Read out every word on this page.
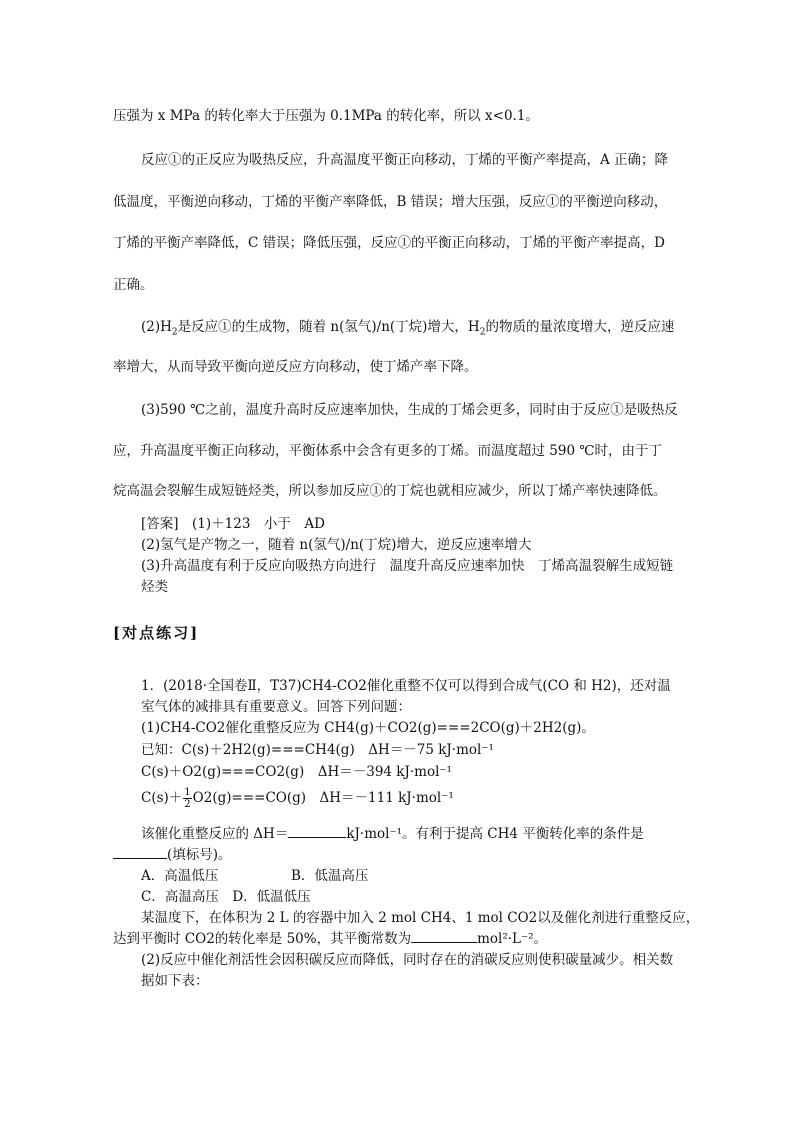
压强为 x MPa 的转化率大于压强为 0.1MPa 的转化率，所以 x<0.1。
反应①的正反应为吸热反应，升高温度平衡正向移动，丁烯的平衡产率提高，A 正确；降
低温度，平衡逆向移动，丁烯的平衡产率降低，B 错误；增大压强，反应①的平衡逆向移动，
丁烯的平衡产率降低，C 错误；降低压强，反应①的平衡正向移动，丁烯的平衡产率提高，D
正确。
$(2)H_2$是反应①的生成物，随着 n(氢气)/n(丁烷)增大，$H_2$的物质的量浓度增大，逆反应速
率增大，从而导致平衡向逆反应方向移动，使丁烯产率下降。
(3)590 ℃之前，温度升高时反应速率加快，生成的丁烯会更多，同时由于反应①是吸热反
应，升高温度平衡正向移动，平衡体系中会含有更多的丁烯。而温度超过 590 ℃时，由于丁
烷高温会裂解生成短链烃类，所以参加反应①的丁烷也就相应减少，所以丁烯产率快速降低。
[答案]　(1)＋123　小于　AD
(2)氢气是产物之一，随着 n(氢气)/n(丁烷)增大，逆反应速率增大
(3)升高温度有利于反应向吸热方向进行　温度升高反应速率加快　丁烯高温裂解生成短链烃类
[对点练习]
1．(2018·全国卷Ⅱ，T37)CH4-CO2催化重整不仅可以得到合成气(CO 和 H2)，还对温室气体的减排具有重要意义。回答下列问题：
(1)CH4-CO2催化重整反应为 CH4(g)＋CO2(g)===2CO(g)＋2H2(g)。
已知：C(s)＋2H2(g)===CH4(g)　ΔH＝－75 kJ·mol⁻¹
C(s)＋O2(g)===CO2(g)　ΔH＝－394 kJ·mol⁻¹
$C(s)+ \frac{1}{2} O2(g)===CO(g)$　ΔH＝－111 kJ·mol⁻¹
该催化重整反应的 ΔH＝	kJ·mol⁻¹。有利于提高 CH4 平衡转化率的条件是
(填标号)。
A．高温低压	B．低温高压
C．高温高压　D．低温低压
某温度下，在体积为 2 L 的容器中加入 2 mol CH4、1 mol CO2以及催化剂进行重整反应，
达到平衡时 CO2的转化率是 50%，其平衡常数为	mol²·L⁻²。
(2)反应中催化剂活性会因积碳反应而降低，同时存在的消碳反应则使积碳量减少。相关数据如下表：
